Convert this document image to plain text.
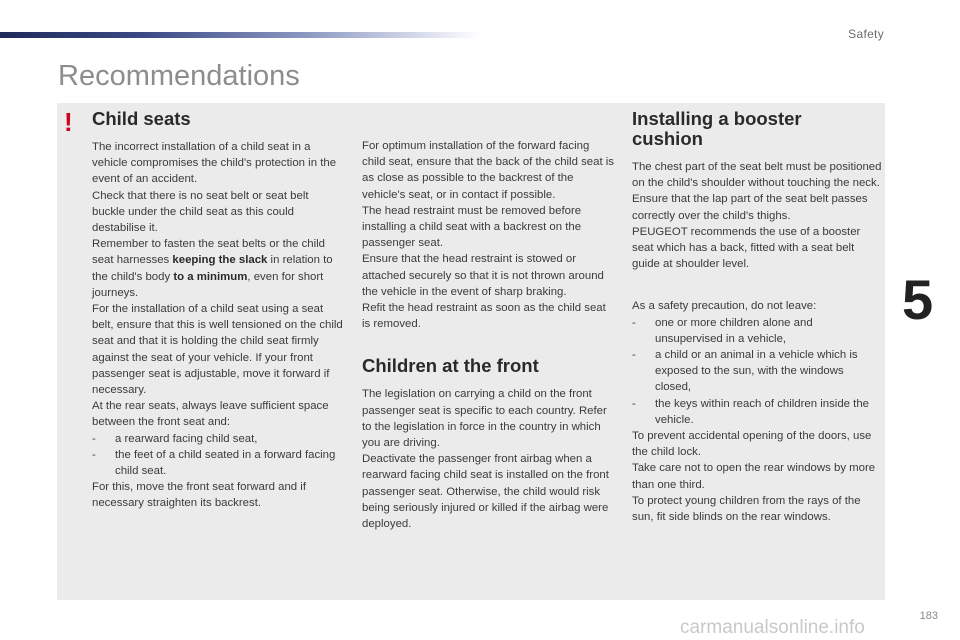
Safety
Recommendations
! Child seats

The incorrect installation of a child seat in a vehicle compromises the child's protection in the event of an accident.

Check that there is no seat belt or seat belt buckle under the child seat as this could destabilise it.

Remember to fasten the seat belts or the child seat harnesses keeping the slack in relation to the child's body to a minimum, even for short journeys.

For the installation of a child seat using a seat belt, ensure that this is well tensioned on the child seat and that it is holding the child seat firmly against the seat of your vehicle. If your front passenger seat is adjustable, move it forward if necessary.

At the rear seats, always leave sufficient space between the front seat and:

- a rearward facing child seat,
- the feet of a child seated in a forward facing child seat.

For this, move the front seat forward and if necessary straighten its backrest.

For optimum installation of the forward facing child seat, ensure that the back of the child seat is as close as possible to the backrest of the vehicle's seat, or in contact if possible.

The head restraint must be removed before installing a child seat with a backrest on the passenger seat.

Ensure that the head restraint is stowed or attached securely so that it is not thrown around the vehicle in the event of sharp braking.

Refit the head restraint as soon as the child seat is removed.

Children at the front

The legislation on carrying a child on the front passenger seat is specific to each country. Refer to the legislation in force in the country in which you are driving.

Deactivate the passenger front airbag when a rearward facing child seat is installed on the front passenger seat. Otherwise, the child would risk being seriously injured or killed if the airbag were deployed.

Installing a booster cushion

The chest part of the seat belt must be positioned on the child's shoulder without touching the neck.

Ensure that the lap part of the seat belt passes correctly over the child's thighs.

PEUGEOT recommends the use of a booster seat which has a back, fitted with a seat belt guide at shoulder level.

As a safety precaution, do not leave:

- one or more children alone and unsupervised in a vehicle,
- a child or an animal in a vehicle which is exposed to the sun, with the windows closed,
- the keys within reach of children inside the vehicle.

To prevent accidental opening of the doors, use the child lock.

Take care not to open the rear windows by more than one third.

To protect young children from the rays of the sun, fit side blinds on the rear windows.

5
183
carmanualsonline.info
